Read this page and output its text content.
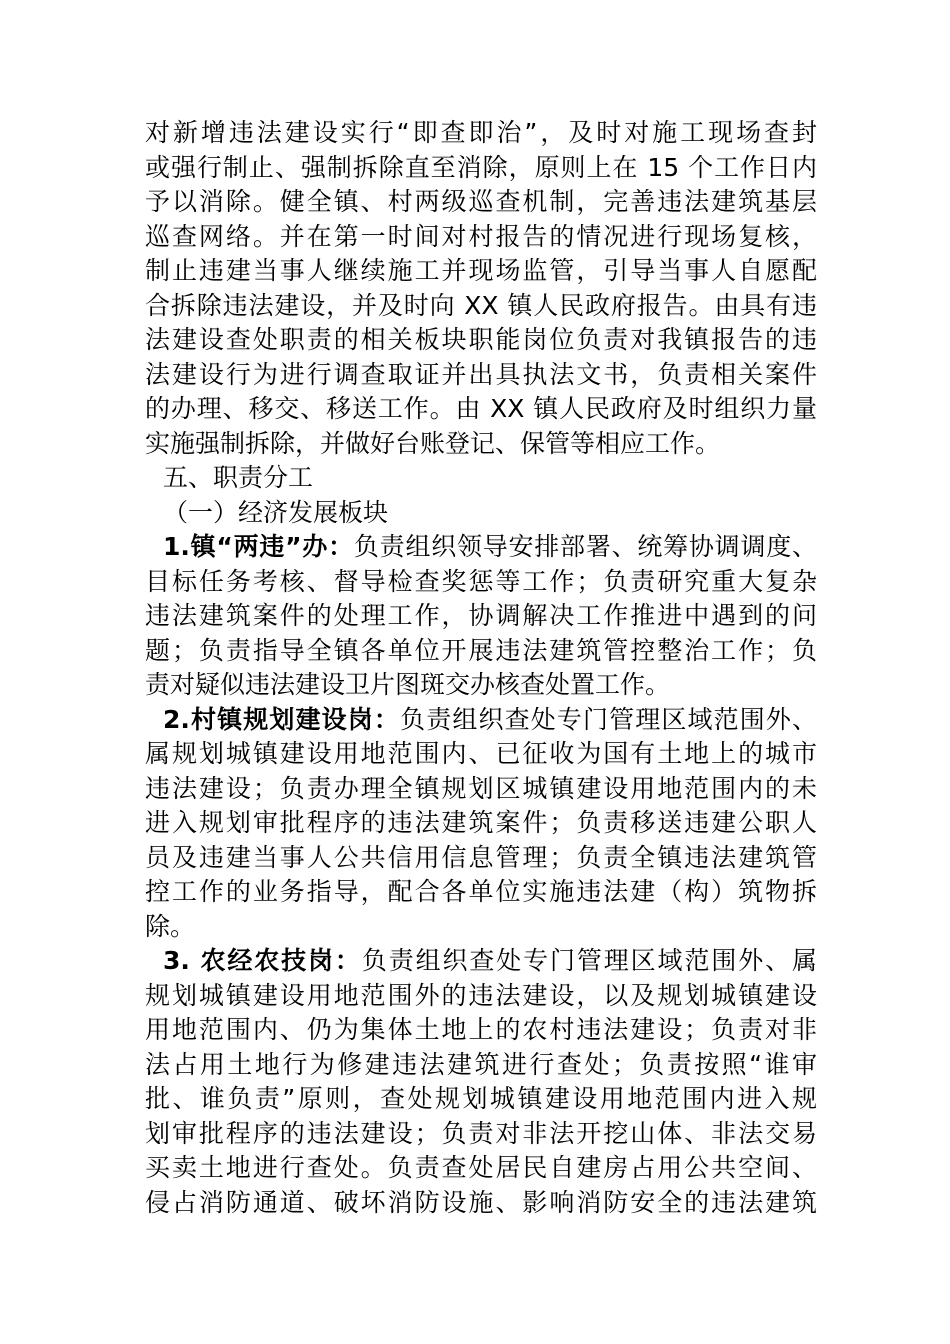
对新增违法建设实行“即查即治”，及时对施工现场查封
或强行制止、强制拆除直至消除，原则上在 15 个工作日内
予以消除。健全镇、村两级巡查机制，完善违法建筑基层
巡查网络。并在第一时间对村报告的情况进行现场复核，
制止违建当事人继续施工并现场监管，引导当事人自愿配
合拆除违法建设，并及时向 XX 镇人民政府报告。由具有违
法建设查处职责的相关板块职能岗位负责对我镇报告的违
法建设行为进行调查取证并出具执法文书，负责相关案件
的办理、移交、移送工作。由 XX 镇人民政府及时组织力量
实施强制拆除，并做好台账登记、保管等相应工作。

五、职责分工
（一）经济发展板块

1.镇“两违”办：负责组织领导安排部署、统筹协调调度、
目标任务考核、督导检查奖惩等工作；负责研究重大复杂
违法建筑案件的处理工作，协调解决工作推进中遇到的问
题；负责指导全镇各单位开展违法建筑管控整治工作；负
责对疑似违法建设卫片图斑交办核查处置工作。

2.村镇规划建设岗：负责组织查处专门管理区域范围外、
属规划城镇建设用地范围内、已征收为国有土地上的城市
违法建设；负责办理全镇规划区城镇建设用地范围内的未
进入规划审批程序的违法建筑案件；负责移送违建公职人
员及违建当事人公共信用信息管理；负责全镇违法建筑管
控工作的业务指导，配合各单位实施违法建（构）筑物拆
除。

3. 农经农技岗：负责组织查处专门管理区域范围外、属
规划城镇建设用地范围外的违法建设，以及规划城镇建设
用地范围内、仍为集体土地上的农村违法建设；负责对非
法占用土地行为修建违法建筑进行查处；负责按照“谁审
批、谁负责”原则，查处规划城镇建设用地范围内进入规
划审批程序的违法建设；负责对非法开挖山体、非法交易
买卖土地进行查处。负责查处居民自建房占用公共空间、
侵占消防通道、破坏消防设施、影响消防安全的违法建筑
